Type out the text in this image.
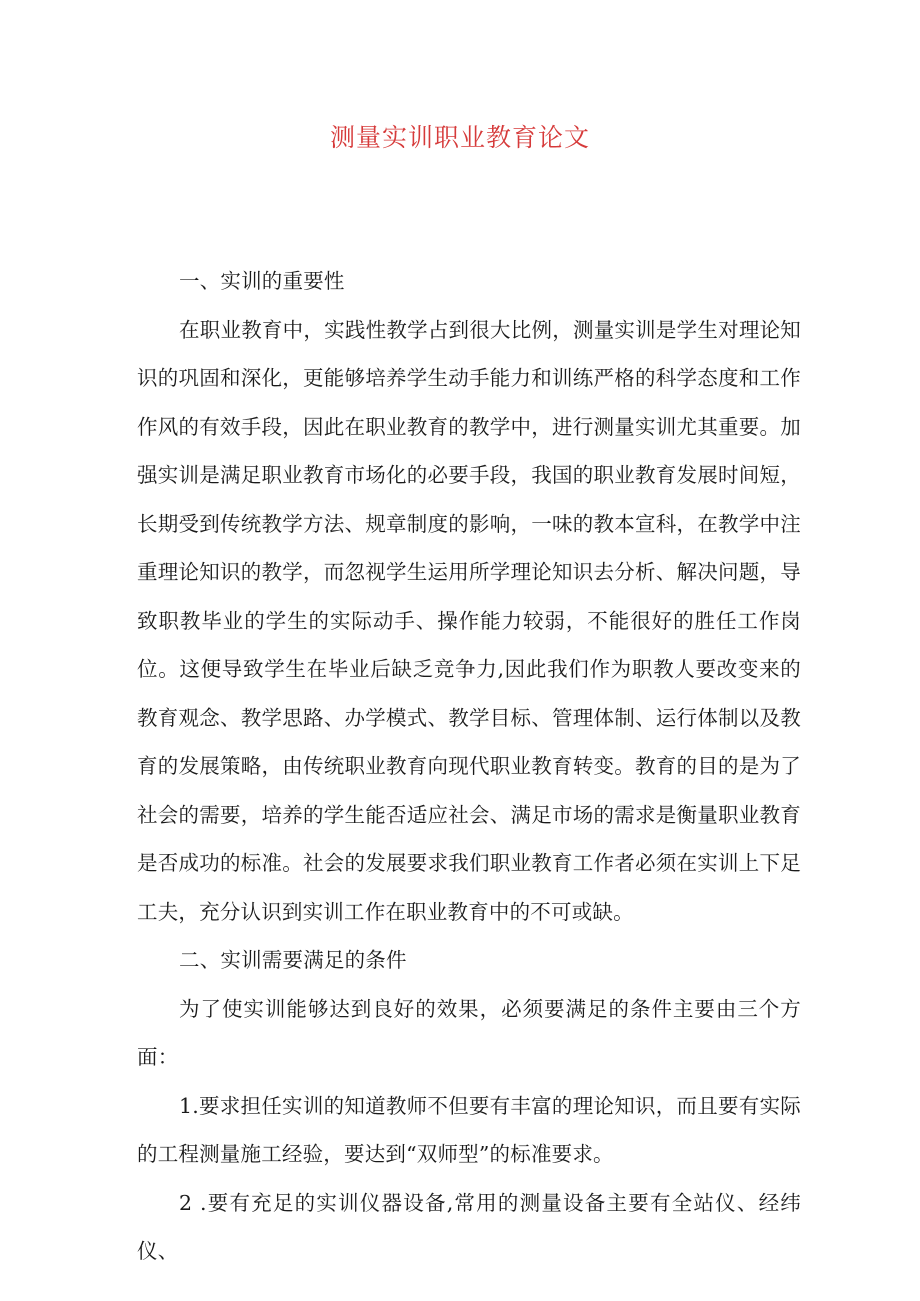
测量实训职业教育论文

一、实训的重要性

在职业教育中，实践性教学占到很大比例，测量实训是学生对理论知识的巩固和深化，更能够培养学生动手能力和训练严格的科学态度和工作作风的有效手段，因此在职业教育的教学中，进行测量实训尤其重要。加强实训是满足职业教育市场化的必要手段，我国的职业教育发展时间短，长期受到传统教学方法、规章制度的影响，一味的教本宣科，在教学中注重理论知识的教学，而忽视学生运用所学理论知识去分析、解决问题，导致职教毕业的学生的实际动手、操作能力较弱，不能很好的胜任工作岗位。这便导致学生在毕业后缺乏竞争力,因此我们作为职教人要改变来的教育观念、教学思路、办学模式、教学目标、管理体制、运行体制以及教育的发展策略，由传统职业教育向现代职业教育转变。教育的目的是为了社会的需要，培养的学生能否适应社会、满足市场的需求是衡量职业教育是否成功的标准。社会的发展要求我们职业教育工作者必须在实训上下足工夫，充分认识到实训工作在职业教育中的不可或缺。

二、实训需要满足的条件

为了使实训能够达到良好的效果，必须要满足的条件主要由三个方面：

1.要求担任实训的知道教师不但要有丰富的理论知识，而且要有实际的工程测量施工经验，要达到“双师型”的标准要求。

2 .要有充足的实训仪器设备,常用的测量设备主要有全站仪、经纬仪、
